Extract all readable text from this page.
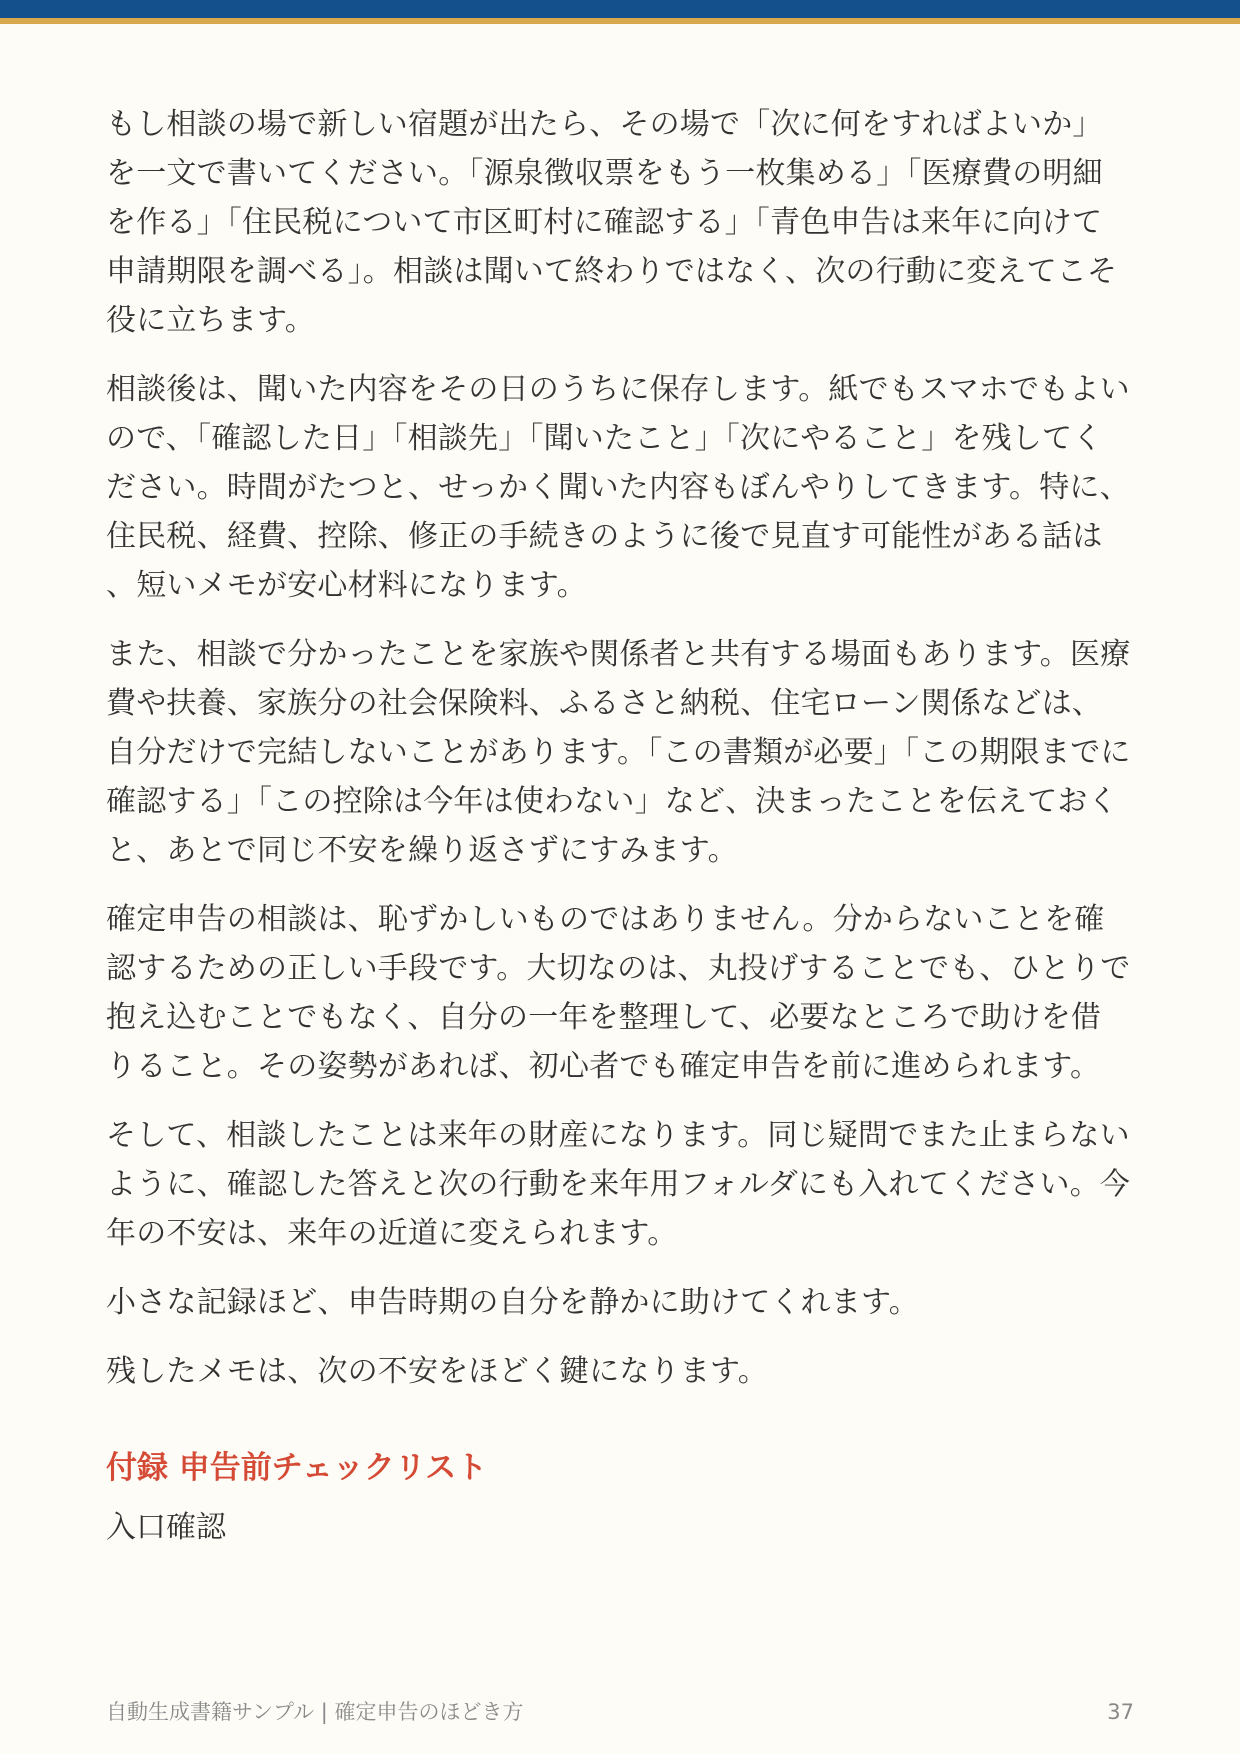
もし相談の場で新しい宿題が出たら、その場で「次に何をすればよいか」を一文で書いてください。「源泉徴収票をもう一枚集める」「医療費の明細を作る」「住民税について市区町村に確認する」「青色申告は来年に向けて申請期限を調べる」。相談は聞いて終わりではなく、次の行動に変えてこそ役に立ちます。

相談後は、聞いた内容をその日のうちに保存します。紙でもスマホでもよいので、「確認した日」「相談先」「聞いたこと」「次にやること」を残してください。時間がたつと、せっかく聞いた内容もぼんやりしてきます。特に、住民税、経費、控除、修正の手続きのように後で見直す可能性がある話は、短いメモが安心材料になります。

また、相談で分かったことを家族や関係者と共有する場面もあります。医療費や扶養、家族分の社会保険料、ふるさと納税、住宅ローン関係などは、自分だけで完結しないことがあります。「この書類が必要」「この期限までに確認する」「この控除は今年は使わない」など、決まったことを伝えておくと、あとで同じ不安を繰り返さずにすみます。

確定申告の相談は、恥ずかしいものではありません。分からないことを確認するための正しい手段です。大切なのは、丸投げすることでも、ひとりで抱え込むことでもなく、自分の一年を整理して、必要なところで助けを借りること。その姿勢があれば、初心者でも確定申告を前に進められます。

そして、相談したことは来年の財産になります。同じ疑問でまた止まらないように、確認した答えと次の行動を来年用フォルダにも入れてください。今年の不安は、来年の近道に変えられます。

小さな記録ほど、申告時期の自分を静かに助けてくれます。

残したメモは、次の不安をほどく鍵になります。

付録 申告前チェックリスト
入口確認
自動生成書籍サンプル | 確定申告のほどき方	37
